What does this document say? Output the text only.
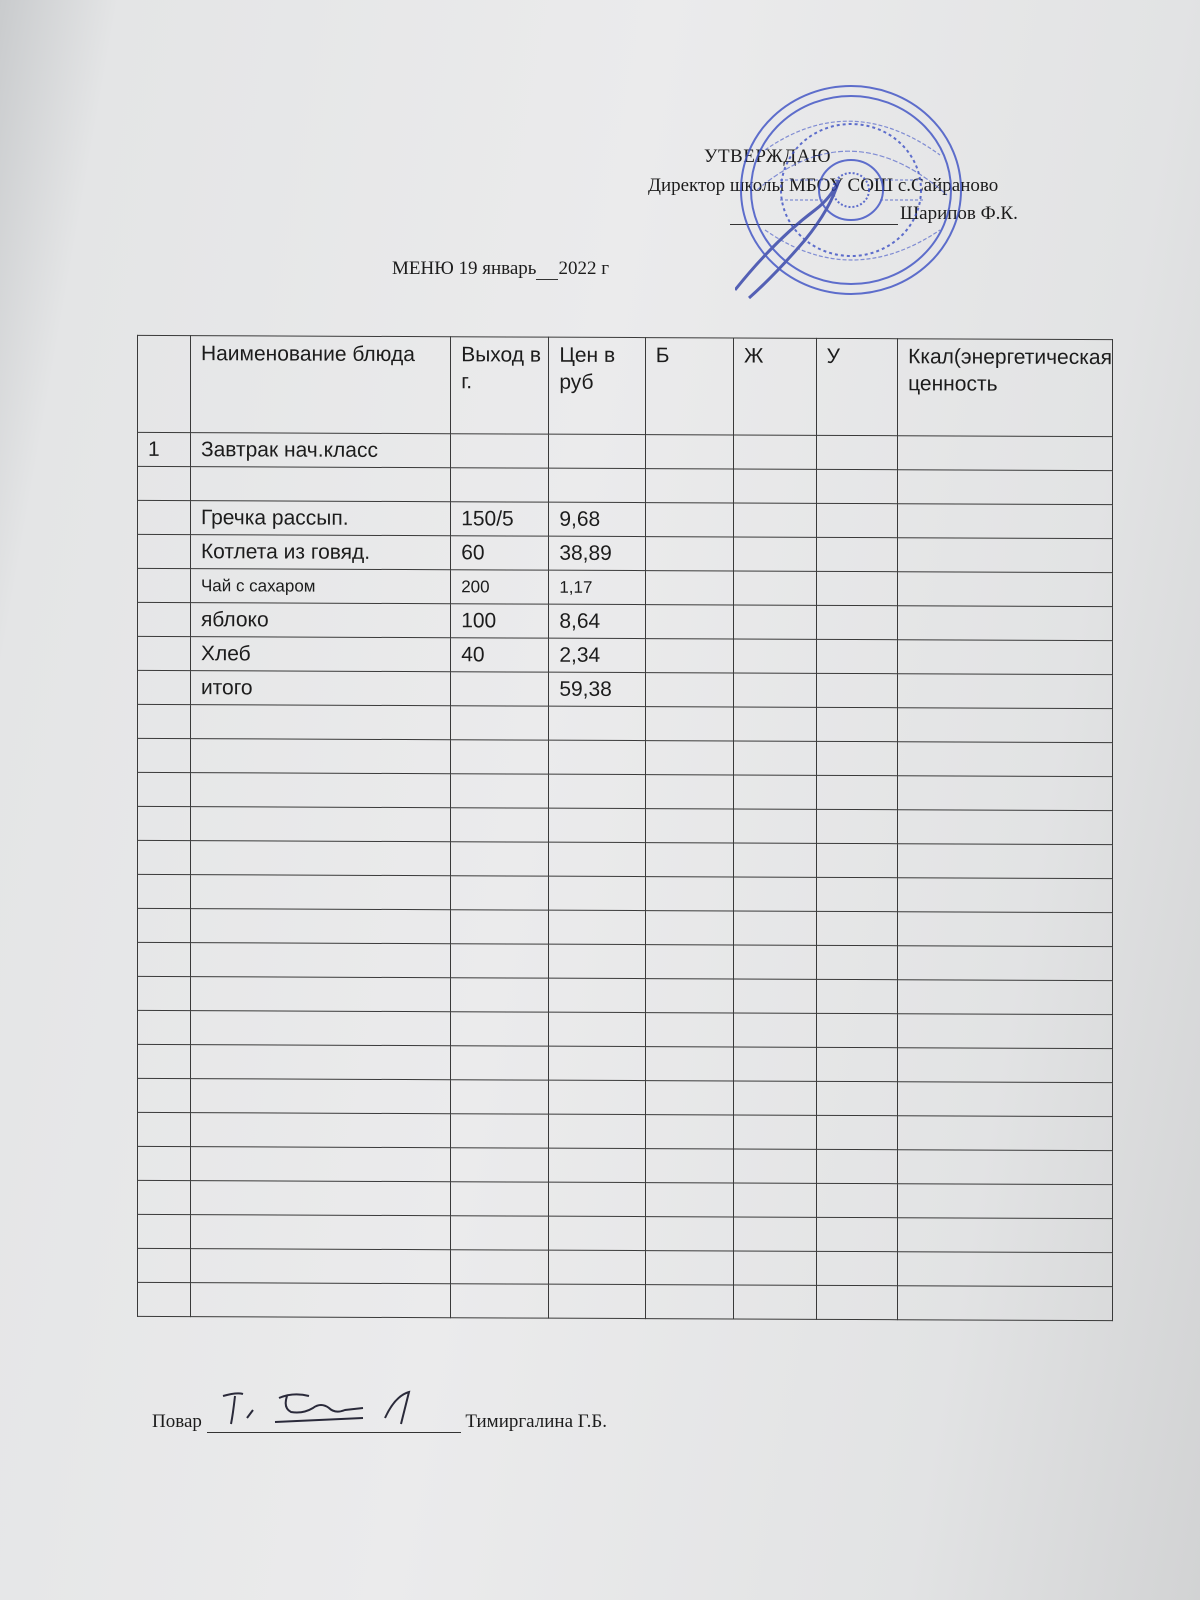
УТВЕРЖДАЮ
Директор школы МБОУ СОШ с.Сайраново
Шарипов Ф.К.
МЕНЮ 19 январь 2022 г
	Наименование блюда	Выход в г.	Цен в руб	Б	Ж	У	Ккал(энергетическая ценность
1	Завтрак нач.класс						

	Гречка рассып.	150/5	9,68				
	Котлета из говяд.	60	38,89				
	Чай с сахаром	200	1,17				
	яблоко	100	8,64				
	Хлеб	40	2,34				
	итого		59,38				

Повар	Тимиргалина Г.Б.
